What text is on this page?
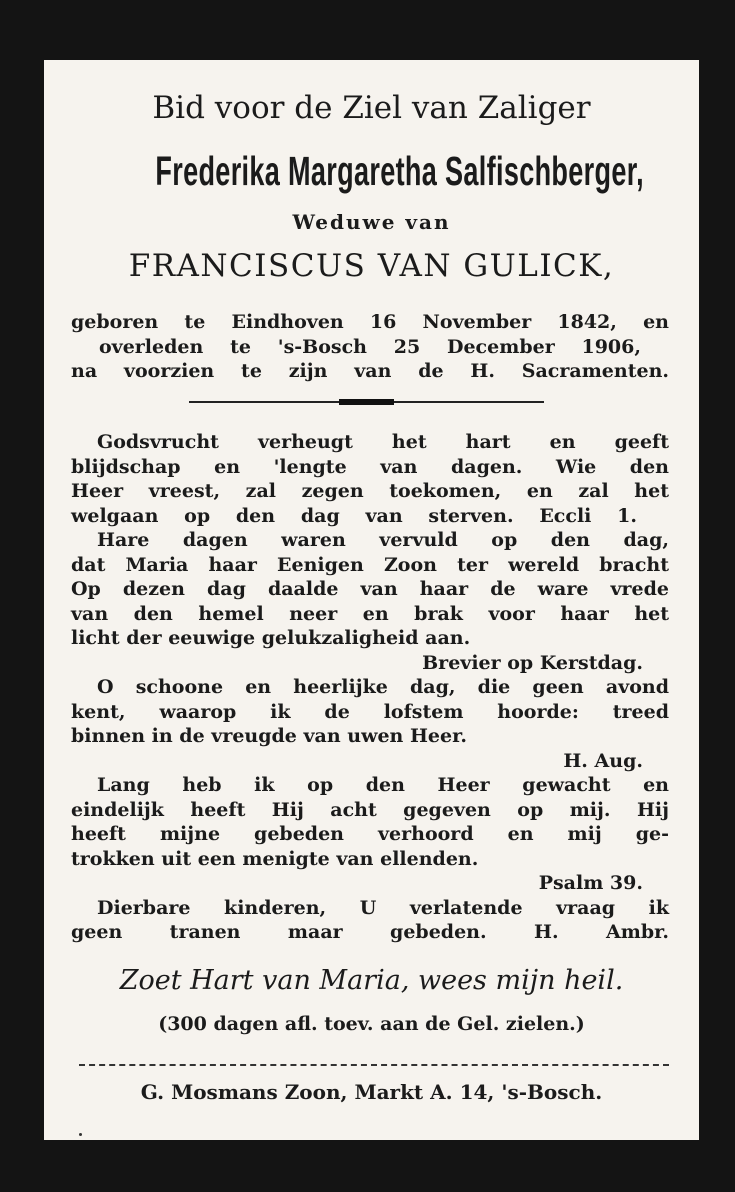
Bid voor de Ziel van Zaliger
Frederika Margaretha Salfischberger,
Weduwe van
FRANCISCUS VAN GULICK,
geboren te Eindhoven 16 November 1842, en
overleden te 's-Bosch 25 December 1906,
na voorzien te zijn van de H. Sacramenten.
Godsvrucht verheugt het hart en geeft
blijdschap en 'lengte van dagen. Wie den
Heer vreest, zal zegen toekomen, en zal het
welgaan op den dag van sterven. Eccli 1.
Hare dagen waren vervuld op den dag,
dat Maria haar Eenigen Zoon ter wereld bracht
Op dezen dag daalde van haar de ware vrede
van den hemel neer en brak voor haar het
licht der eeuwige gelukzaligheid aan.
Brevier op Kerstdag.
O schoone en heerlijke dag, die geen avond
kent, waarop ik de lofstem hoorde: treed
binnen in de vreugde van uwen Heer.
H. Aug.
Lang heb ik op den Heer gewacht en
eindelijk heeft Hij acht gegeven op mij. Hij
heeft mijne gebeden verhoord en mij ge-
trokken uit een menigte van ellenden.
Psalm 39.
Dierbare kinderen, U verlatende vraag ik
geen tranen maar gebeden. H. Ambr.
Zoet Hart van Maria, wees mijn heil.
(300 dagen afl. toev. aan de Gel. zielen.)
G. Mosmans Zoon, Markt A. 14, 's-Bosch.
